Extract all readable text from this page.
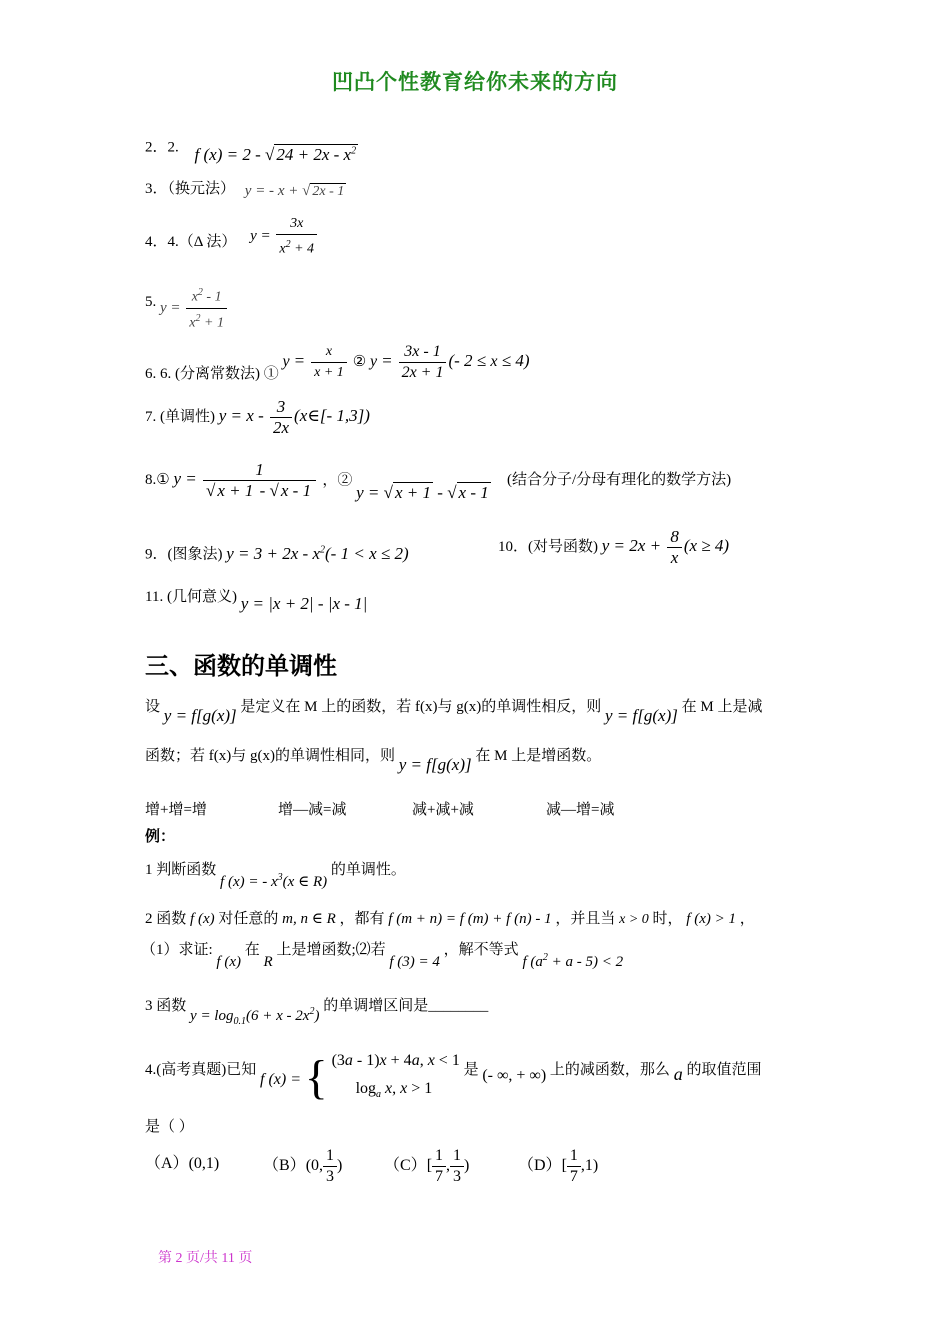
凹凸个性教育给你未来的方向
2．2. f (x) = 2 - √ $24 + 2x - x^2$
3．（换元法） y = - x + √ 2x - 1
4．4.（Δ 法） $y = \frac{3x}{x^2 + 4}$
5. $y = \frac{x^2 - 1}{x^2 + 1}$
6. 6. (分离常数法) ① $y = \frac{x}{x + 1}$ ② $y = \frac{3x - 1}{2x + 1}$ (- 2 ≤ x ≤ 4)
7. (单调性) $y = x - \frac{3}{2x}$ (x∈[- 1,3])
8.① $y = \frac{1}{√ x + 1 - √ x - 1}$ ，② y = √ x + 1 - √ x - 1 (结合分子/分母有理化的数学方法)
9．(图象法) $y = 3 + 2x - x^2(-$ 1 < x ≤ 2)	10．(对号函数) $y = 2x + \frac{8}{x} (x \ge 4)$
11. (几何意义) y = |x + 2| - |x - 1|
三、函数的单调性
设 y = f[g(x)] 是定义在 M 上的函数，若 f(x)与 g(x)的单调性相反，则 y = f[g(x)] 在 M 上是减
函数；若 f(x)与 g(x)的单调性相同，则 y = f[g(x)] 在 M 上是增函数。
增+增=增	增—减=减	减+减+减	减—增=减
例：
1 判断函数 f (x) = - $x^3(x$ ∈ R) 的单调性。
2 函数 f (x) 对任意的 m, n ∈ R ，都有 f (m + n) = f (m) + f (n) - 1 ，并且当 x > 0 时， f (x) > 1 ，
（1）求证: f (x) 在 R 上是增函数;⑵若 f (3) = 4 ，解不等式 f $(a^2 + a - 5) < 2$
3 函数 $y = \log_{0.1}(6 + x - 2x^2)$ 的单调增区间是________
4.(高考真题)已知 f (x) = { (3a - 1)x + 4a, x < 1
$\log_a x$, x > 1
是 (- ∞, + ∞) 上的减函数，那么 a 的取值范围
是（ ）
（A）(0,1)	（B）(0, $\frac{1}{3}$ )	$(C)[ \frac{1}{7}$ , $\frac{1}{3}$ )	$(D)[ \frac{1}{7} ,1)$
第 2 页/共 11 页
